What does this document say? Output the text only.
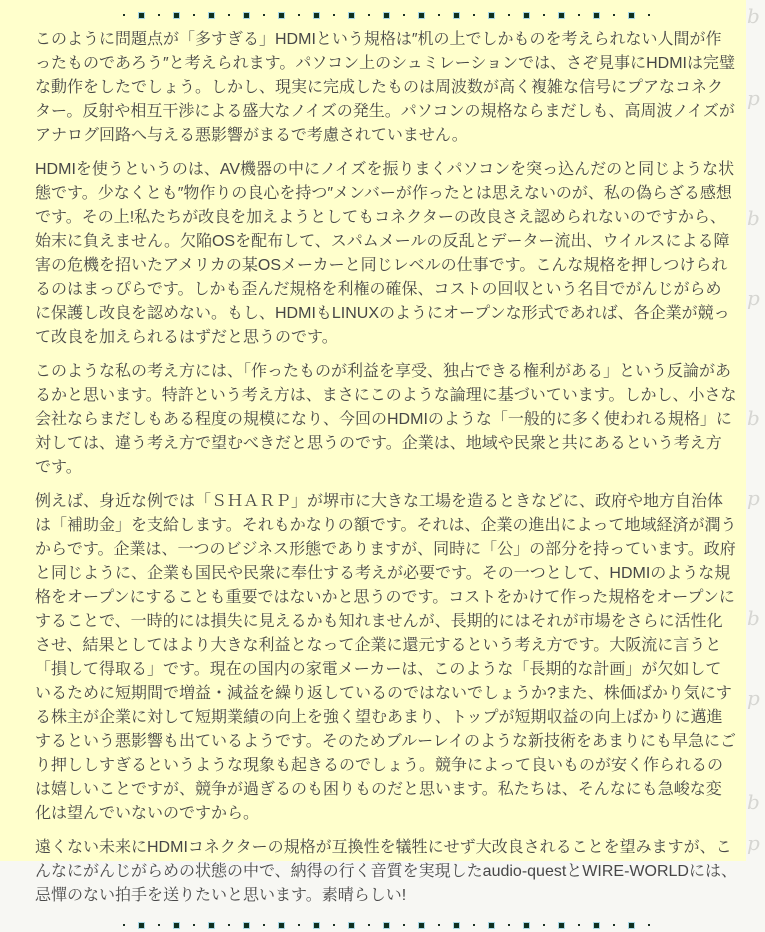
このように問題点が「多すぎる」HDMIという規格は″机の上でしかものを考えられない人間が作ったものであろう″と考えられます。パソコン上のシュミレーションでは、さぞ見事にHDMIは完璧な動作をしたでしょう。しかし、現実に完成したものは周波数が高く複雑な信号にプアなコネクター。反射や相互干渉による盛大なノイズの発生。パソコンの規格ならまだしも、高周波ノイズがアナログ回路へ与える悪影響がまるで考慮されていません。

HDMIを使うというのは、AV機器の中にノイズを振りまくパソコンを突っ込んだのと同じような状態です。少なくとも″物作りの良心を持つ″メンバーが作ったとは思えないのが、私の偽らざる感想です。その上!私たちが改良を加えようとしてもコネクターの改良さえ認められないのですから、始末に負えません。欠陥OSを配布して、スパムメールの反乱とデーター流出、ウイルスによる障害の危機を招いたアメリカの某OSメーカーと同じレベルの仕事です。こんな規格を押しつけられるのはまっぴらです。しかも歪んだ規格を利権の確保、コストの回収という名目でがんじがらめに保護し改良を認めない。もし、HDMIもLINUXのようにオープンな形式であれば、各企業が競って改良を加えられるはずだと思うのです。

このような私の考え方には、「作ったものが利益を享受、独占できる権利がある」という反論があるかと思います。特許という考え方は、まさにこのような論理に基づいています。しかし、小さな会社ならまだしもある程度の規模になり、今回のHDMIのような「一般的に多く使われる規格」に対しては、違う考え方で望むべきだと思うのです。企業は、地域や民衆と共にあるという考え方です。

例えば、身近な例では「ＳＨＡＲＰ」が堺市に大きな工場を造るときなどに、政府や地方自治体は「補助金」を支給します。それもかなりの額です。それは、企業の進出によって地域経済が潤うからです。企業は、一つのビジネス形態でありますが、同時に「公」の部分を持っています。政府と同じように、企業も国民や民衆に奉仕する考えが必要です。その一つとして、HDMIのような規格をオープンにすることも重要ではないかと思うのです。コストをかけて作った規格をオープンにすることで、一時的には損失に見えるかも知れませんが、長期的にはそれが市場をさらに活性化させ、結果としてはより大きな利益となって企業に還元するという考え方です。大阪流に言うと「損して得取る」です。現在の国内の家電メーカーは、このような「長期的な計画」が欠如しているために短期間で増益・減益を繰り返しているのではないでしょうか?また、株価ばかり気にする株主が企業に対して短期業績の向上を強く望むあまり、トップが短期収益の向上ばかりに邁進するという悪影響も出ているようです。そのためブルーレイのような新技術をあまりにも早急にごり押ししすぎるというような現象も起きるのでしょう。競争によって良いものが安く作られるのは嬉しいことですが、競争が過ぎるのも困りものだと思います。私たちは、そんなにも急峻な変化は望んでいないのですから。

遠くない未来にHDMIコネクターの規格が互換性を犠牲にせず大改良されることを望みますが、こんなにがんじがらめの状態の中で、納得の行く音質を実現したaudio-questとWIRE-WORLDには、忌憚のない拍手を送りたいと思います。素晴らしい!

b
p
b
p
b
p
b
p
b
p
